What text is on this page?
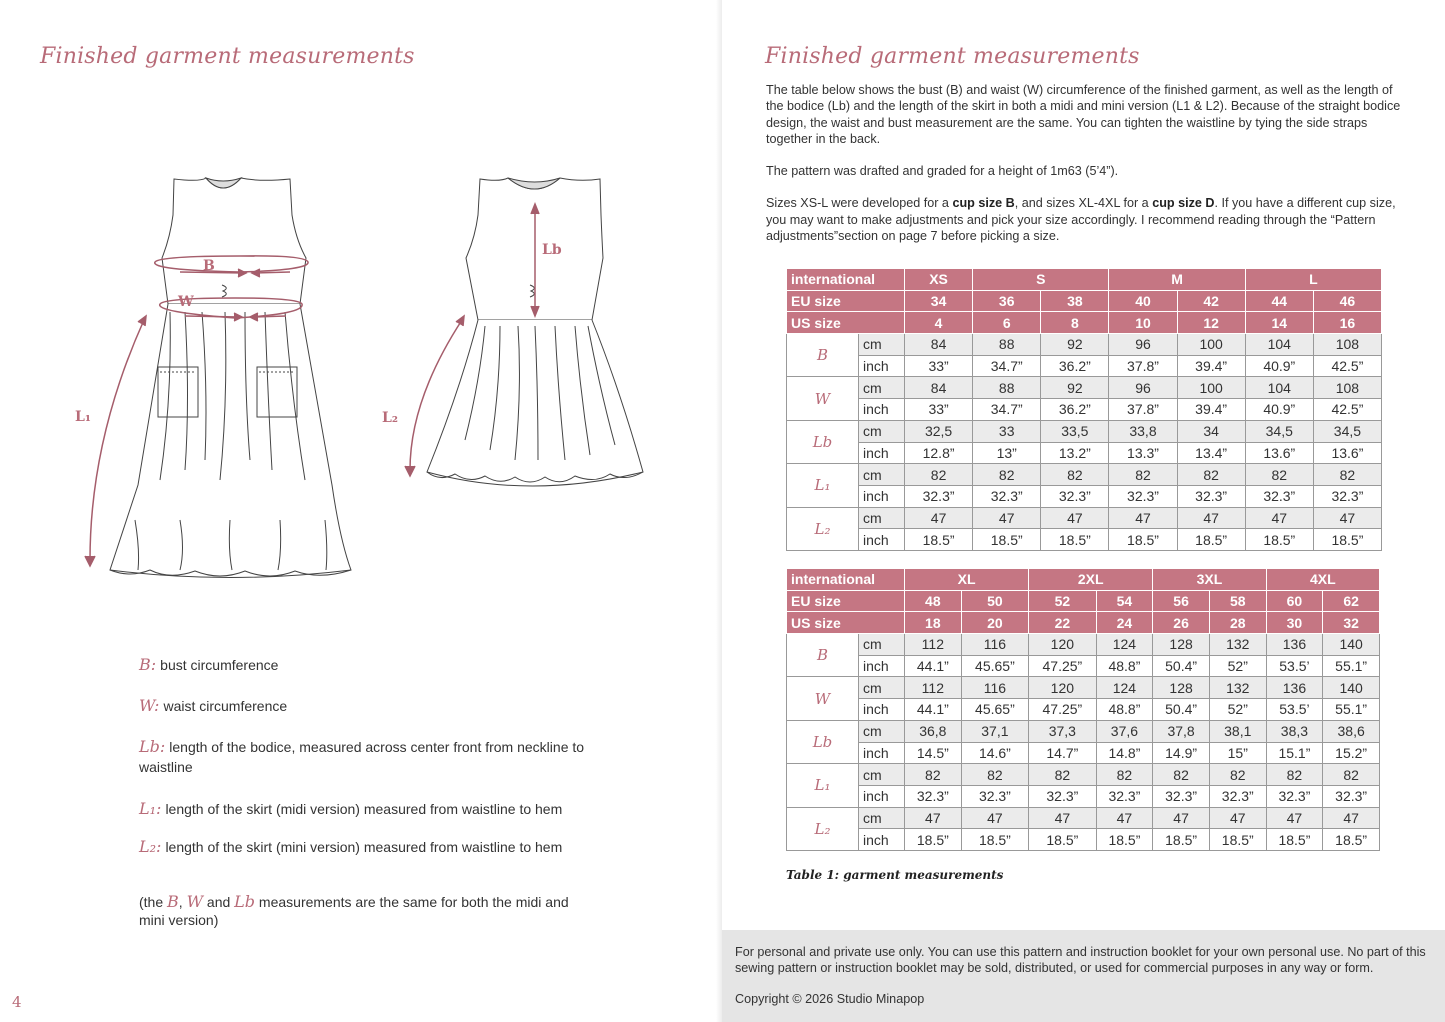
Finished garment measurements
B
W
L₁	L₂
Lb
B: bust circumference
W: waist circumference
Lb: length of the bodice, measured across center front from neckline to waistline
L₁: length of the skirt (midi version) measured from waistline to hem
L₂: length of the skirt (mini version) measured from waistline to hem
(the B, W and Lb measurements are the same for both the midi and mini version)
4
Finished garment measurements

The table below shows the bust (B) and waist (W) circumference of the finished garment, as well as the length of the bodice (Lb) and the length of the skirt in both a midi and mini version (L1 & L2). Because of the straight bodice design, the waist and bust measurement are the same. You can tighten the waistline by tying the side straps together in the back.

The pattern was drafted and graded for a height of 1m63 (5’4”).

Sizes XS-L were developed for a cup size B, and sizes XL-4XL for a cup size D. If you have a different cup size, you may want to make adjustments and pick your size accordingly. I recommend reading through the “Pattern adjustments”section on page 7 before picking a size.

international		XS	S		M		L	
EU size		34	36	38	40	42	44	46
US size		4	6	8	10	12	14	16
B	cm	84	88	92	96	100	104	108
	inch	33”	34.7”	36.2”	37.8”	39.4”	40.9”	42.5”
W	cm	84	88	92	96	100	104	108
	inch	33”	34.7”	36.2”	37.8”	39.4”	40.9”	42.5”
Lb	cm	32,5	33	33,5	33,8	34	34,5	34,5
	inch	12.8”	13”	13.2”	13.3”	13.4”	13.6”	13.6”
L₁	cm	82	82	82	82	82	82	82
	inch	32.3”	32.3”	32.3”	32.3”	32.3”	32.3”	32.3”
L₂	cm	47	47	47	47	47	47	47
	inch	18.5”	18.5”	18.5”	18.5”	18.5”	18.5”	18.5”
international		XL		2XL		3XL		4XL	
EU size		48	50	52	54	56	58	60	62
US size		18	20	22	24	26	28	30	32
B	cm	112	116	120	124	128	132	136	140
	inch	44.1”	45.65”	47.25”	48.8”	50.4”	52”	53.5’	55.1”
W	cm	112	116	120	124	128	132	136	140
	inch	44.1”	45.65”	47.25”	48.8”	50.4”	52”	53.5’	55.1”
Lb	cm	36,8	37,1	37,3	37,6	37,8	38,1	38,3	38,6
	inch	14.5”	14.6”	14.7”	14.8”	14.9”	15”	15.1”	15.2”
L₁	cm	82	82	82	82	82	82	82	82
	inch	32.3”	32.3”	32.3”	32.3”	32.3”	32.3”	32.3”	32.3”
L₂	cm	47	47	47	47	47	47	47	47
	inch	18.5”	18.5”	18.5”	18.5”	18.5”	18.5”	18.5”	18.5”
Table 1: garment measurements
For personal and private use only. You can use this pattern and instruction booklet for your own personal use. No part of this sewing pattern or instruction booklet may be sold, distributed, or used for commercial purposes in any way or form.
Copyright © 2026 Studio Minapop
